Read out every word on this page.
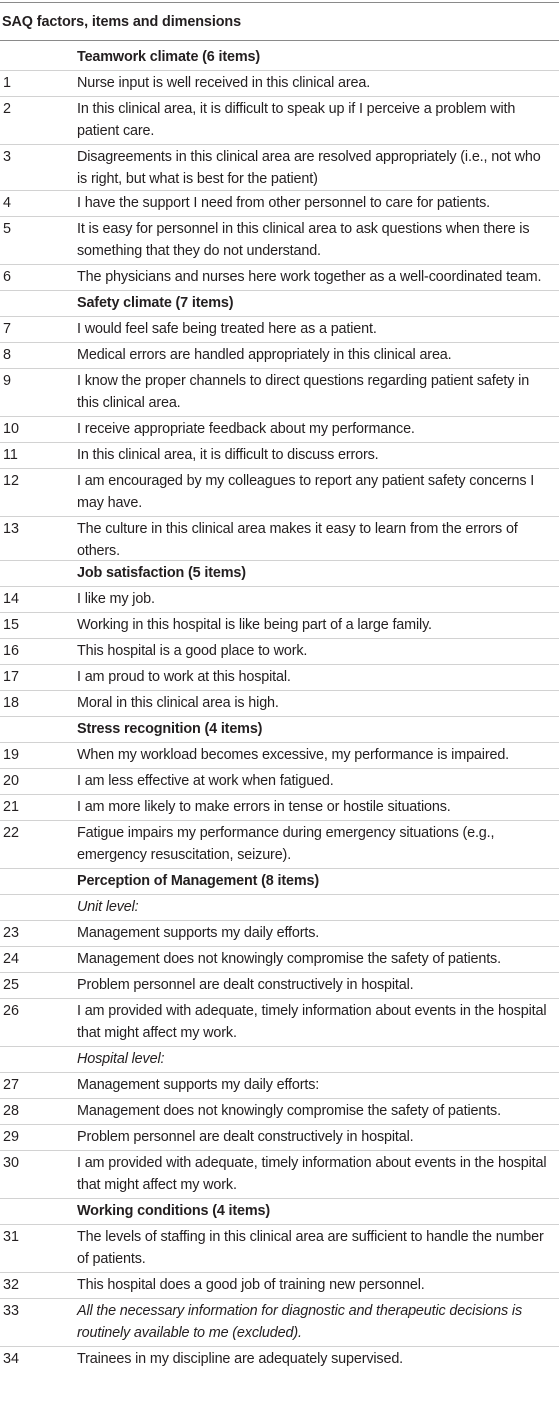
SAQ factors, items and dimensions
Teamwork climate (6 items)
1	Nurse input is well received in this clinical area.
2	In this clinical area, it is difficult to speak up if I perceive a problem with patient care.
3	Disagreements in this clinical area are resolved appropriately (i.e., not who is right, but what is best for the patient)
4	I have the support I need from other personnel to care for patients.
5	It is easy for personnel in this clinical area to ask questions when there is something that they do not understand.
6	The physicians and nurses here work together as a well-coordinated team.
Safety climate (7 items)
7	I would feel safe being treated here as a patient.
8	Medical errors are handled appropriately in this clinical area.
9	I know the proper channels to direct questions regarding patient safety in this clinical area.
10	I receive appropriate feedback about my performance.
11	In this clinical area, it is difficult to discuss errors.
12	I am encouraged by my colleagues to report any patient safety concerns I may have.
13	The culture in this clinical area makes it easy to learn from the errors of others.
Job satisfaction (5 items)
14	I like my job.
15	Working in this hospital is like being part of a large family.
16	This hospital is a good place to work.
17	I am proud to work at this hospital.
18	Moral in this clinical area is high.
Stress recognition (4 items)
19	When my workload becomes excessive, my performance is impaired.
20	I am less effective at work when fatigued.
21	I am more likely to make errors in tense or hostile situations.
22	Fatigue impairs my performance during emergency situations (e.g., emergency resuscitation, seizure).
Perception of Management (8 items)
Unit level:
23	Management supports my daily efforts.
24	Management does not knowingly compromise the safety of patients.
25	Problem personnel are dealt constructively in hospital.
26	I am provided with adequate, timely information about events in the hospital that might affect my work.
Hospital level:
27	Management supports my daily efforts:
28	Management does not knowingly compromise the safety of patients.
29	Problem personnel are dealt constructively in hospital.
30	I am provided with adequate, timely information about events in the hospital that might affect my work.
Working conditions (4 items)
31	The levels of staffing in this clinical area are sufficient to handle the number of patients.
32	This hospital does a good job of training new personnel.
33	All the necessary information for diagnostic and therapeutic decisions is routinely available to me (excluded).
34	Trainees in my discipline are adequately supervised.
